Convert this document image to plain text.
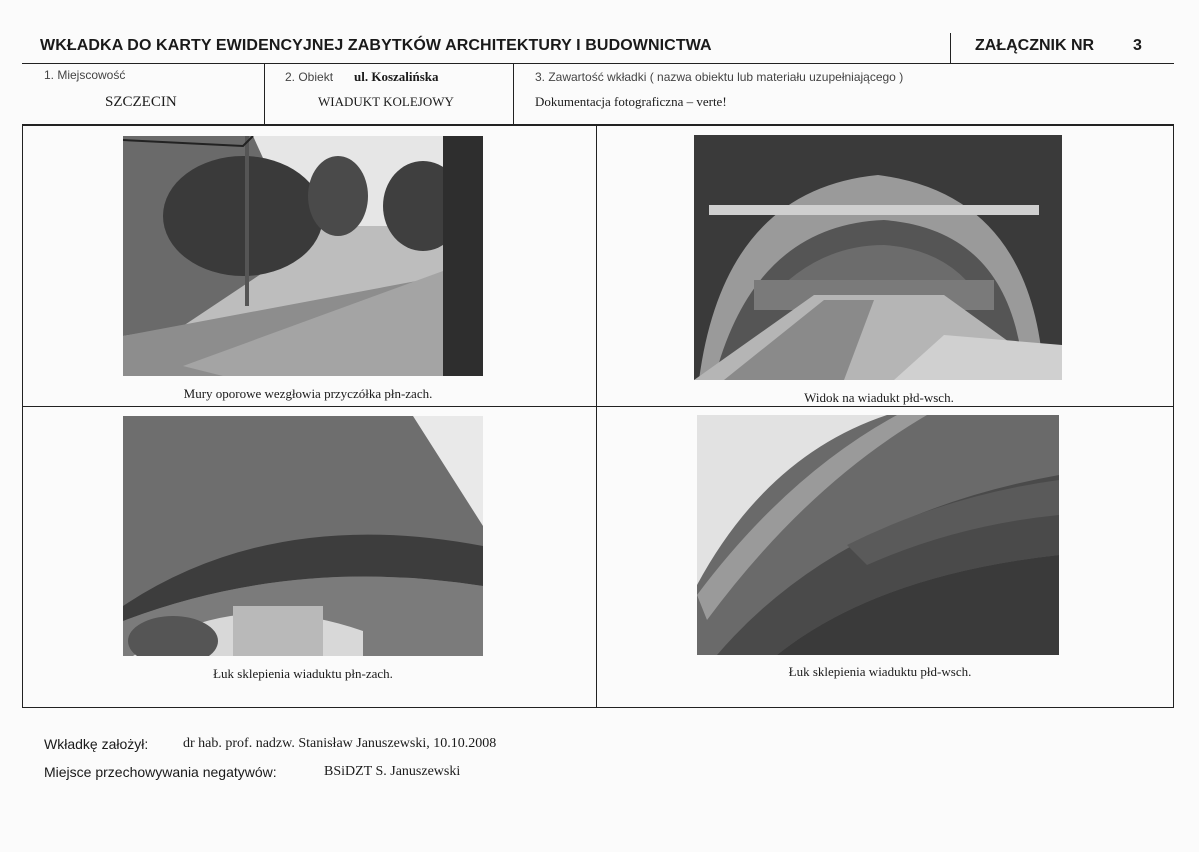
WKŁADKA DO KARTY EWIDENCYJNEJ ZABYTKÓW ARCHITEKTURY I BUDOWNICTWA	ZAŁĄCZNIK NR 3
1. Miejscowość
SZCZECIN
2. Obiekt ul. Koszalińska
WIADUKT KOLEJOWY
3. Zawartość wkładki ( nazwa obiektu lub materiału uzupełniającego )
Dokumentacja fotograficzna – verte!
Mury oporowe wezgłowia przyczółka płn-zach.	Widok na wiadukt płd-wsch.
Łuk sklepienia wiaduktu płn-zach.	Łuk sklepienia wiaduktu płd-wsch.
Wkładkę założył: dr hab. prof. nadzw. Stanisław Januszewski, 10.10.2008
Miejsce przechowywania negatywów:	BSiDZT S. Januszewski
